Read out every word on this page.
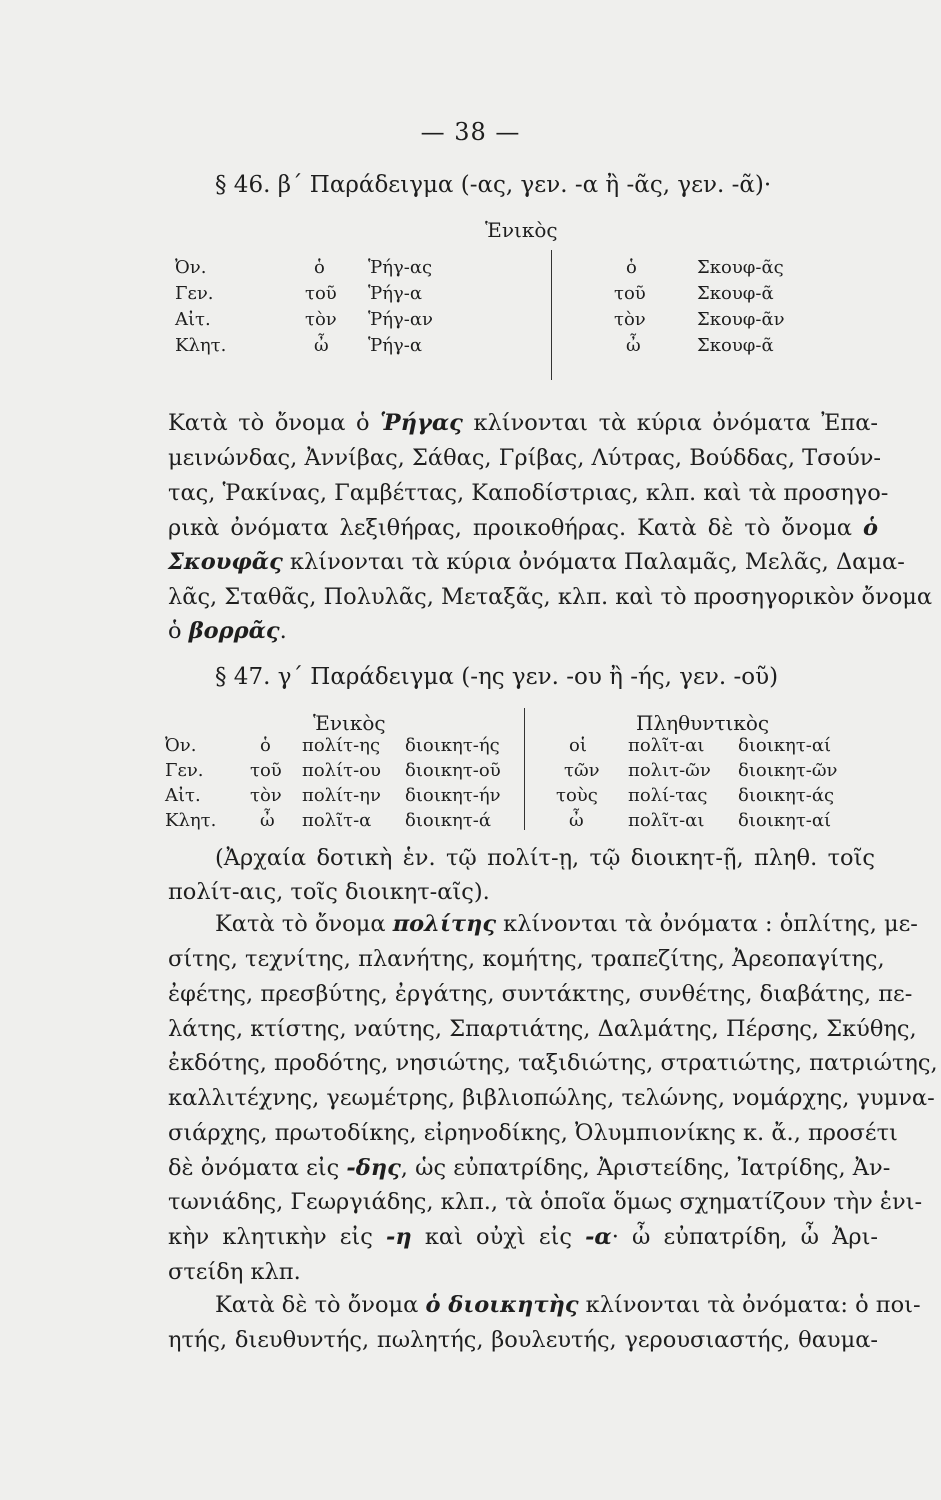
— 38 —
§ 46. β΄ Παράδειγμα (-ας, γεν. -α ἢ -ᾶς, γεν. -ᾶ)·
Ἑνικὸς
Ὀν.
Γεν.
Αἰτ.
Κλητ.
ὁ
τοῦ
τὸν
ὦ
Ῥήγ-ας
Ῥήγ-α
Ῥήγ-αν
Ῥήγ-α
ὁ
τοῦ
τὸν
ὦ
Σκουφ-ᾶς
Σκουφ-ᾶ
Σκουφ-ᾶν
Σκουφ-ᾶ
Κατὰ τὸ ὄνομα ὁ Ῥήγας κλίνονται τὰ κύρια ὀνόματα Ἐπα-
μεινώνδας, Ἀννίβας, Σάθας, Γρίβας, Λύτρας, Βούδδας, Τσούν-
τας, Ῥακίνας, Γαμβέττας, Καποδίστριας, κλπ. καὶ τὰ προσηγο-
ρικὰ ὀνόματα λεξιθήρας, προικοθήρας. Κατὰ δὲ τὸ ὄνομα ὁ
Σκουφᾶς κλίνονται τὰ κύρια ὀνόματα Παλαμᾶς, Μελᾶς, Δαμα-
λᾶς, Σταθᾶς, Πολυλᾶς, Μεταξᾶς, κλπ. καὶ τὸ προσηγορικὸν ὄνομα
ὁ βορρᾶς.
§ 47. γ΄ Παράδειγμα (-ης γεν. -ου ἢ -ής, γεν. -οῦ)
Ἑνικὸς	Πληθυντικὸς
Ὀν.
Γεν.
Αἰτ.
Κλητ.
ὁ
τοῦ
τὸν
ὦ
πολίτ-ης
πολίτ-ου
πολίτ-ην
πολῖτ-α
διοικητ-ής
διοικητ-οῦ
διοικητ-ήν
διοικητ-ά
οἱ
τῶν
τοὺς
ὦ
πολῖτ-αι
πολιτ-ῶν
πολί-τας
πολῖτ-αι
διοικητ-αί
διοικητ-ῶν
διοικητ-άς
διοικητ-αί
(Ἀρχαία δοτικὴ ἑν. τῷ πολίτ-ῃ, τῷ διοικητ-ῇ, πληθ. τοῖς
πολίτ-αις, τοῖς διοικητ-αῖς).
Κατὰ τὸ ὄνομα πολίτης κλίνονται τὰ ὀνόματα : ὁπλίτης, με-
σίτης, τεχνίτης, πλανήτης, κομήτης, τραπεζίτης, Ἀρεοπαγίτης,
ἐφέτης, πρεσβύτης, ἐργάτης, συντάκτης, συνθέτης, διαβάτης, πε-
λάτης, κτίστης, ναύτης, Σπαρτιάτης, Δαλμάτης, Πέρσης, Σκύθης,
ἐκδότης, προδότης, νησιώτης, ταξιδιώτης, στρατιώτης, πατριώτης,
καλλιτέχνης, γεωμέτρης, βιβλιοπώλης, τελώνης, νομάρχης, γυμνα-
σιάρχης, πρωτοδίκης, εἰρηνοδίκης, Ὀλυμπιονίκης κ. ἄ., προσέτι
δὲ ὀνόματα εἰς -δης, ὡς εὐπατρίδης, Ἀριστείδης, Ἰατρίδης, Ἀν-
τωνιάδης, Γεωργιάδης, κλπ., τὰ ὁποῖα ὅμως σχηματίζουν τὴν ἑνι-
κὴν κλητικὴν εἰς -η καὶ οὐχὶ εἰς -α· ὦ εὐπατρίδη, ὦ Ἀρι-
στείδη κλπ.
Κατὰ δὲ τὸ ὄνομα ὁ διοικητὴς κλίνονται τὰ ὀνόματα: ὁ ποι-
ητής, διευθυντής, πωλητής, βουλευτής, γερουσιαστής, θαυμα-
